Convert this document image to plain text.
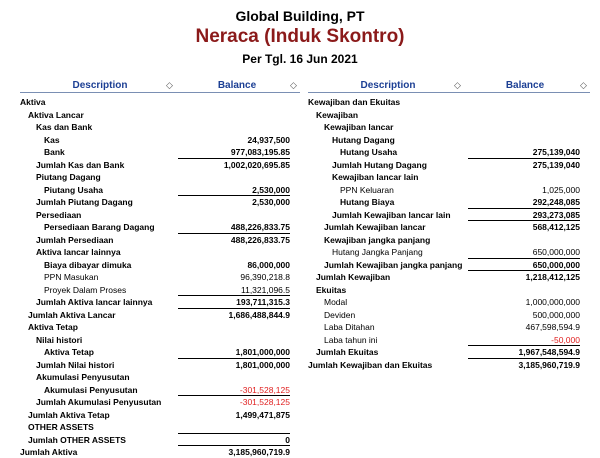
Global Building, PT
Neraca (Induk Skontro)
Per Tgl. 16 Jun 2021
Description	◇	Balance	◇
Aktiva
Aktiva Lancar
Kas dan Bank
Kas	24,937,500
Bank	977,083,195.85
Jumlah Kas dan Bank	1,002,020,695.85
Piutang Dagang
Piutang Usaha	2,530,000
Jumlah Piutang Dagang	2,530,000
Persediaan
Persediaan Barang Dagang	488,226,833.75
Jumlah Persediaan	488,226,833.75
Aktiva lancar lainnya
Biaya dibayar dimuka	86,000,000
PPN Masukan	96,390,218.8
Proyek Dalam Proses	11,321,096.5
Jumlah Aktiva lancar lainnya	193,711,315.3
Jumlah Aktiva Lancar	1,686,488,844.9
Aktiva Tetap
Nilai histori
Aktiva Tetap	1,801,000,000
Jumlah Nilai histori	1,801,000,000
Akumulasi Penyusutan
Akumulasi Penyusutan	-301,528,125
Jumlah Akumulasi Penyusutan	-301,528,125
Jumlah Aktiva Tetap	1,499,471,875
OTHER ASSETS
Jumlah OTHER ASSETS	0
Jumlah Aktiva	3,185,960,719.9
Description	◇	Balance	◇
Kewajiban dan Ekuitas
Kewajiban
Kewajiban lancar
Hutang Dagang
Hutang Usaha	275,139,040
Jumlah Hutang Dagang	275,139,040
Kewajiban lancar lain
PPN Keluaran	1,025,000
Hutang Biaya	292,248,085
Jumlah Kewajiban lancar lain	293,273,085
Jumlah Kewajiban lancar	568,412,125
Kewajiban jangka panjang
Hutang Jangka Panjang	650,000,000
Jumlah Kewajiban jangka panjang	650,000,000
Jumlah Kewajiban	1,218,412,125
Ekuitas
Modal	1,000,000,000
Deviden	500,000,000
Laba Ditahan	467,598,594.9
Laba tahun ini	-50,000
Jumlah Ekuitas	1,967,548,594.9
Jumlah Kewajiban dan Ekuitas	3,185,960,719.9
